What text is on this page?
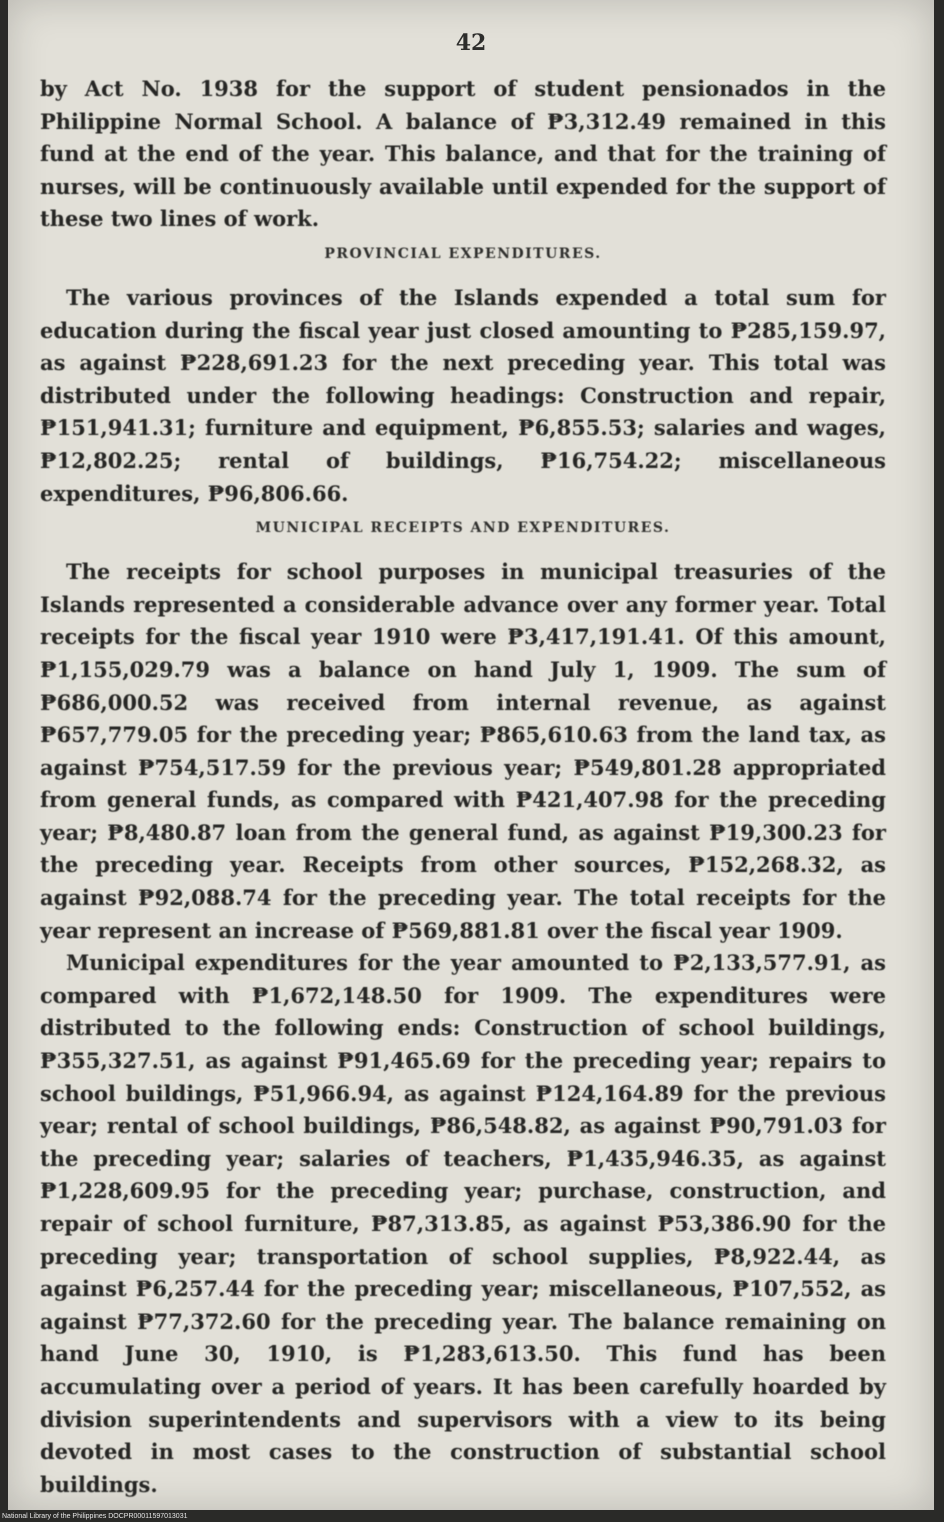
42

by Act No. 1938 for the support of student pensionados in the Philippine Normal School. A balance of ₱3,312.49 remained in this fund at the end of the year. This balance, and that for the training of nurses, will be continuously available until expended for the support of these two lines of work.

PROVINCIAL EXPENDITURES.

The various provinces of the Islands expended a total sum for education during the fiscal year just closed amounting to ₱285,159.97, as against ₱228,691.23 for the next preceding year. This total was distributed under the following headings: Construction and repair, ₱151,941.31; furniture and equipment, ₱6,855.53; salaries and wages, ₱12,802.25; rental of buildings, ₱16,754.22; miscellaneous expenditures, ₱96,806.66.

MUNICIPAL RECEIPTS AND EXPENDITURES.

The receipts for school purposes in municipal treasuries of the Islands represented a considerable advance over any former year. Total receipts for the fiscal year 1910 were ₱3,417,191.41. Of this amount, ₱1,155,029.79 was a balance on hand July 1, 1909. The sum of ₱686,000.52 was received from internal revenue, as against ₱657,779.05 for the preceding year; ₱865,610.63 from the land tax, as against ₱754,517.59 for the previous year; ₱549,801.28 appropriated from general funds, as compared with ₱421,407.98 for the preceding year; ₱8,480.87 loan from the general fund, as against ₱19,300.23 for the preceding year. Receipts from other sources, ₱152,268.32, as against ₱92,088.74 for the preceding year. The total receipts for the year represent an increase of ₱569,881.81 over the fiscal year 1909.

Municipal expenditures for the year amounted to ₱2,133,577.91, as compared with ₱1,672,148.50 for 1909. The expenditures were distributed to the following ends: Construction of school buildings, ₱355,327.51, as against ₱91,465.69 for the preceding year; repairs to school buildings, ₱51,966.94, as against ₱124,164.89 for the previous year; rental of school buildings, ₱86,548.82, as against ₱90,791.03 for the preceding year; salaries of teachers, ₱1,435,946.35, as against ₱1,228,609.95 for the preceding year; purchase, construction, and repair of school furniture, ₱87,313.85, as against ₱53,386.90 for the preceding year; transportation of school supplies, ₱8,922.44, as against ₱6,257.44 for the preceding year; miscellaneous, ₱107,552, as against ₱77,372.60 for the preceding year. The balance remaining on hand June 30, 1910, is ₱1,283,613.50. This fund has been accumulating over a period of years. It has been carefully hoarded by division superintendents and supervisors with a view to its being devoted in most cases to the construction of substantial school buildings.

National Library of the Philippines DOCPR00011597013031
